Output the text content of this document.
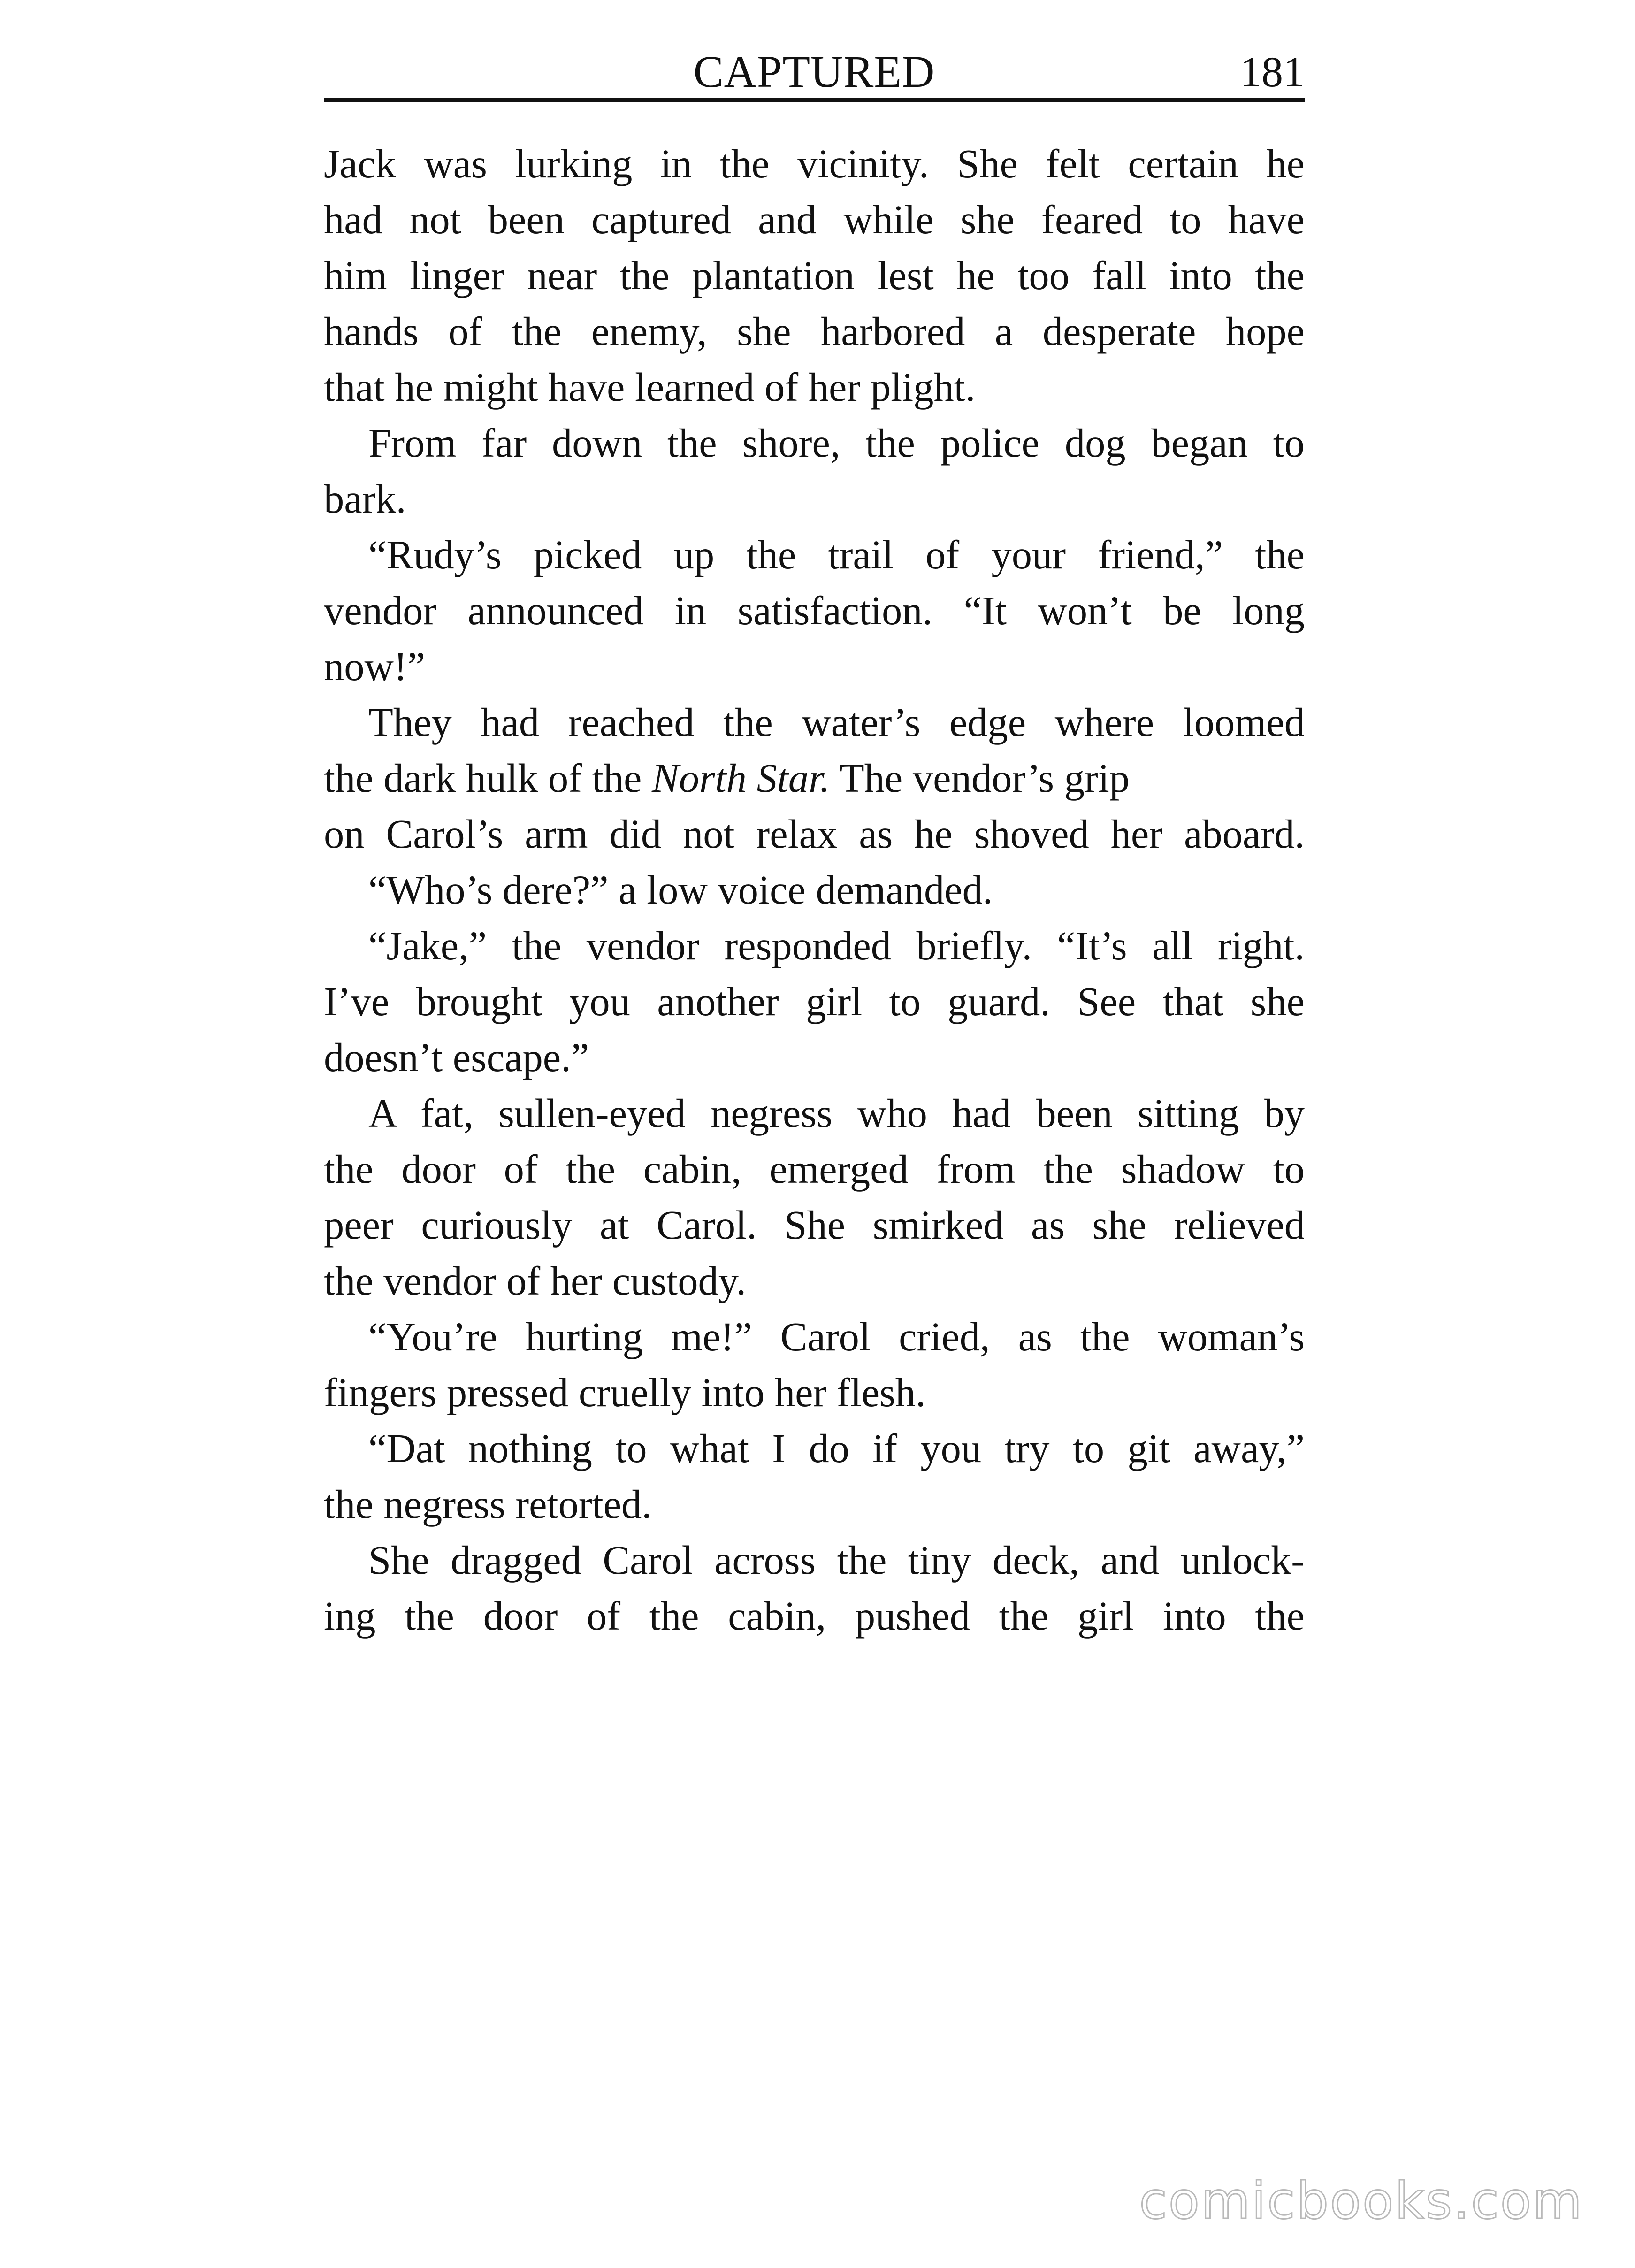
CAPTURED	181
Jack was lurking in the vicinity. She felt certain he
had not been captured and while she feared to have
him linger near the plantation lest he too fall into the
hands of the enemy, she harbored a desperate hope
that he might have learned of her plight.
From far down the shore, the police dog began to
bark.
“Rudy’s picked up the trail of your friend,” the
vendor announced in satisfaction. “It won’t be long
now!”
They had reached the water’s edge where loomed
the dark hulk of the North Star. The vendor’s grip
on Carol’s arm did not relax as he shoved her aboard.
“Who’s dere?” a low voice demanded.
“Jake,” the vendor responded briefly. “It’s all right.
I’ve brought you another girl to guard. See that she
doesn’t escape.”
A fat, sullen-eyed negress who had been sitting by
the door of the cabin, emerged from the shadow to
peer curiously at Carol. She smirked as she relieved
the vendor of her custody.
“You’re hurting me!” Carol cried, as the woman’s
fingers pressed cruelly into her flesh.
“Dat nothing to what I do if you try to git away,”
the negress retorted.
She dragged Carol across the tiny deck, and unlock-
ing the door of the cabin, pushed the girl into the
comicbooks.com
